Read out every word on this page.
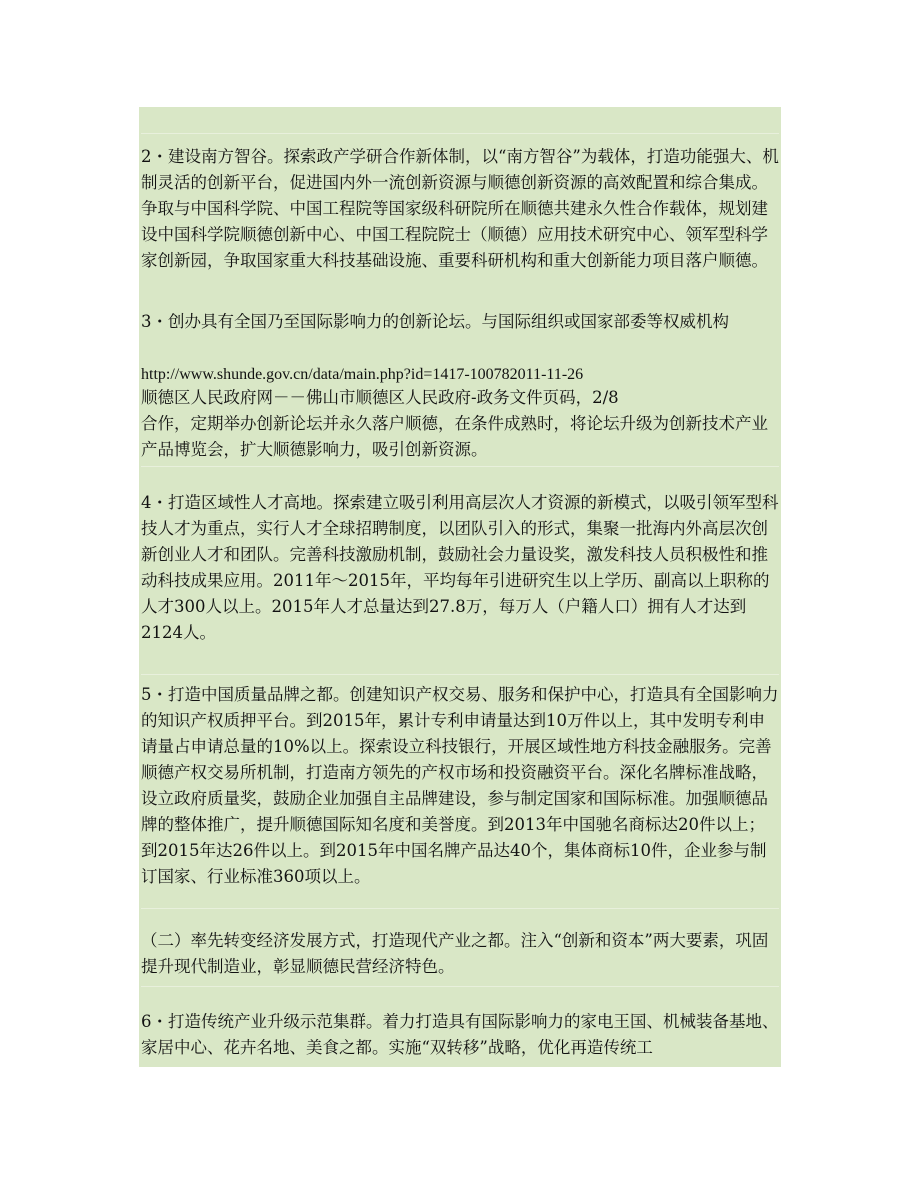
2・建设南方智谷。探索政产学研合作新体制，以“南方智谷”为载体，打造功能强大、机制灵活的创新平台，促进国内外一流创新资源与顺德创新资源的高效配置和综合集成。争取与中国科学院、中国工程院等国家级科研院所在顺德共建永久性合作载体，规划建设中国科学院顺德创新中心、中国工程院院士（顺德）应用技术研究中心、领军型科学家创新园，争取国家重大科技基础设施、重要科研机构和重大创新能力项目落户顺德。

3・创办具有全国乃至国际影响力的创新论坛。与国际组织或国家部委等权威机构

http://www.shunde.gov.cn/data/main.php?id=1417-100782011-11-26

顺德区人民政府网－－佛山市顺德区人民政府-政务文件页码，2/8

合作，定期举办创新论坛并永久落户顺德，在条件成熟时，将论坛升级为创新技术产业产品博览会，扩大顺德影响力，吸引创新资源。

4・打造区域性人才高地。探索建立吸引利用高层次人才资源的新模式，以吸引领军型科技人才为重点，实行人才全球招聘制度，以团队引入的形式，集聚一批海内外高层次创新创业人才和团队。完善科技激励机制，鼓励社会力量设奖，激发科技人员积极性和推动科技成果应用。2011年～2015年，平均每年引进研究生以上学历、副高以上职称的人才300人以上。2015年人才总量达到27.8万，每万人（户籍人口）拥有人才达到2124人。

5・打造中国质量品牌之都。创建知识产权交易、服务和保护中心，打造具有全国影响力的知识产权质押平台。到2015年，累计专利申请量达到10万件以上，其中发明专利申请量占申请总量的10%以上。探索设立科技银行，开展区域性地方科技金融服务。完善顺德产权交易所机制，打造南方领先的产权市场和投资融资平台。深化名牌标准战略，设立政府质量奖，鼓励企业加强自主品牌建设，参与制定国家和国际标准。加强顺德品牌的整体推广，提升顺德国际知名度和美誉度。到2013年中国驰名商标达20件以上；到2015年达26件以上。到2015年中国名牌产品达40个，集体商标10件，企业参与制订国家、行业标准360项以上。

（二）率先转变经济发展方式，打造现代产业之都。注入“创新和资本”两大要素，巩固提升现代制造业，彰显顺德民营经济特色。

6・打造传统产业升级示范集群。着力打造具有国际影响力的家电王国、机械装备基地、家居中心、花卉名地、美食之都。实施“双转移”战略，优化再造传统工
